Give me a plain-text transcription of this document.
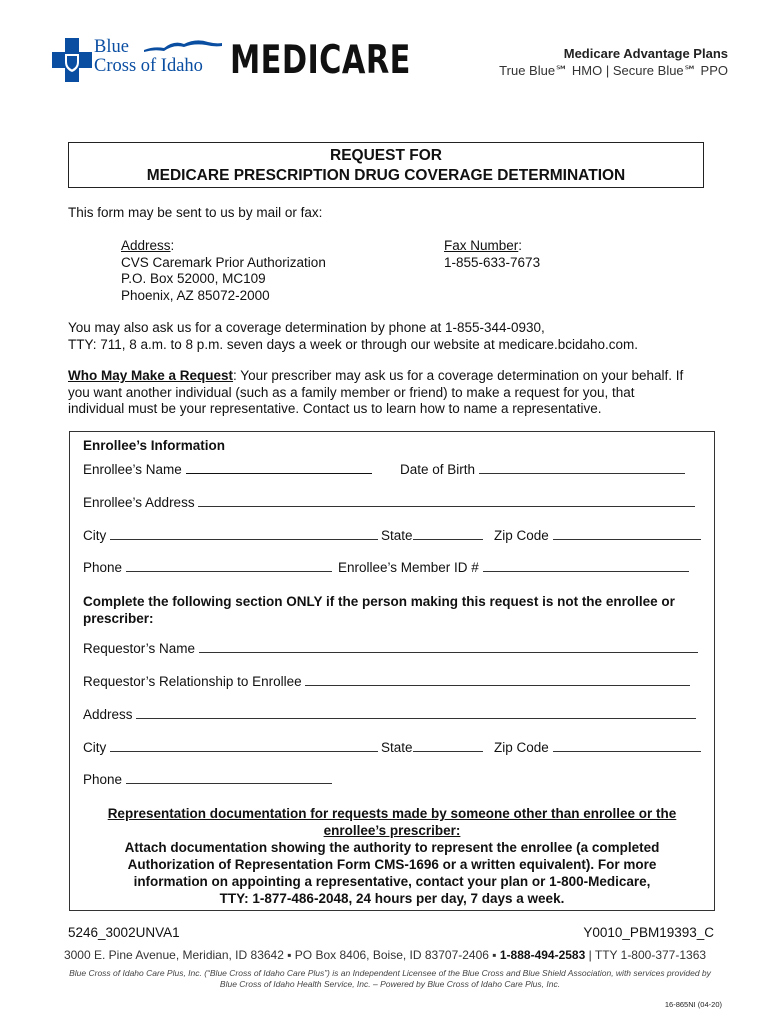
Blue
Cross of Idaho MEDICARE	Medicare Advantage Plans
True Blue℠ HMO | Secure Blue℠ PPO
REQUEST FOR
MEDICARE PRESCRIPTION DRUG COVERAGE DETERMINATION
This form may be sent to us by mail or fax:
Address:
CVS Caremark Prior Authorization
P.O. Box 52000, MC109
Phoenix, AZ 85072-2000
Fax Number:
1-855-633-7673
You may also ask us for a coverage determination by phone at 1-855-344-0930,
TTY: 711, 8 a.m. to 8 p.m. seven days a week or through our website at medicare.bcidaho.com.
Who May Make a Request: Your prescriber may ask us for a coverage determination on your behalf. If
you want another individual (such as a family member or friend) to make a request for you, that
individual must be your representative. Contact us to learn how to name a representative.
Enrollee’s Information
Enrollee’s Name	Date of Birth
Enrollee’s Address
City	State	Zip Code
Phone	Enrollee’s Member ID #
Complete the following section ONLY if the person making this request is not the enrollee or
prescriber:
Requestor’s Name
Requestor’s Relationship to Enrollee
Address
City	State	Zip Code
Phone
Representation documentation for requests made by someone other than enrollee or the
enrollee’s prescriber:
Attach documentation showing the authority to represent the enrollee (a completed
Authorization of Representation Form CMS-1696 or a written equivalent). For more
information on appointing a representative, contact your plan or 1-800-Medicare,
TTY: 1-877-486-2048, 24 hours per day, 7 days a week.
5246_3002UNVA1	Y0010_PBM19393_C
3000 E. Pine Avenue, Meridian, ID 83642 ▪ PO Box 8406, Boise, ID 83707-2406 ▪ 1-888-494-2583 | TTY 1-800-377-1363
Blue Cross of Idaho Care Plus, Inc. (“Blue Cross of Idaho Care Plus”) is an Independent Licensee of the Blue Cross and Blue Shield Association, with services provided by
Blue Cross of Idaho Health Service, Inc. – Powered by Blue Cross of Idaho Care Plus, Inc.
16-865NI (04-20)
